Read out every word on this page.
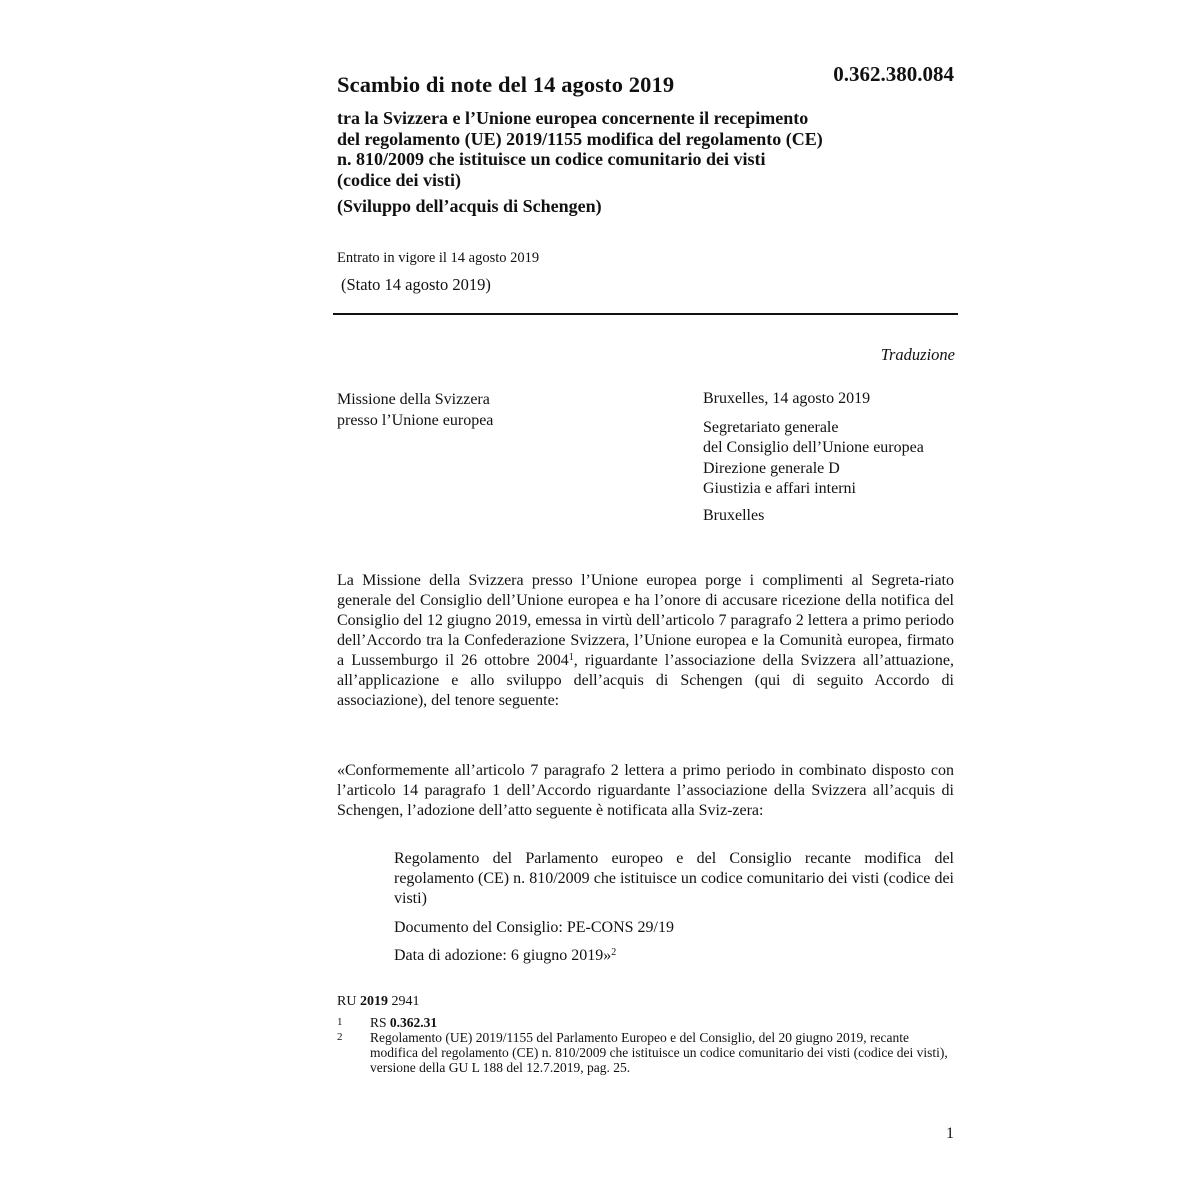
Scambio di note del 14 agosto 2019	0.362.380.084
tra la Svizzera e l’Unione europea concernente il recepimento
del regolamento (UE) 2019/1155 modifica del regolamento (CE)
n. 810/2009 che istituisce un codice comunitario dei visti
(codice dei visti)
(Sviluppo dell’acquis di Schengen)
Entrato in vigore il 14 agosto 2019
(Stato 14 agosto 2019)
Traduzione
Missione della Svizzera
presso l’Unione europea
Bruxelles, 14 agosto 2019
Segretariato generale
del Consiglio dell’Unione europea
Direzione generale D
Giustizia e affari interni
Bruxelles
La Missione della Svizzera presso l’Unione europea porge i complimenti al Segreta-riato generale del Consiglio dell’Unione europea e ha l’onore di accusare ricezione della notifica del Consiglio del 12 giugno 2019, emessa in virtù dell’articolo 7 paragrafo 2 lettera a primo periodo dell’Accordo tra la Confederazione Svizzera, l’Unione europea e la Comunità europea, firmato a Lussemburgo il 26 ottobre 2004$^1$, riguardante l’associazione della Svizzera all’attuazione, all’applicazione e allo sviluppo dell’acquis di Schengen (qui di seguito Accordo di associazione), del tenore seguente:
«Conformemente all’articolo 7 paragrafo 2 lettera a primo periodo in combinato disposto con l’articolo 14 paragrafo 1 dell’Accordo riguardante l’associazione della Svizzera all’acquis di Schengen, l’adozione dell’atto seguente è notificata alla Sviz-zera:
Regolamento del Parlamento europeo e del Consiglio recante modifica del regolamento (CE) n. 810/2009 che istituisce un codice comunitario dei visti (codice dei visti)
Documento del Consiglio: PE-CONS 29/19
Data di adozione: 6 giugno 2019»$^2$
RU 2019 2941
1 RS 0.362.31
2 Regolamento (UE) 2019/1155 del Parlamento Europeo e del Consiglio, del 20 giugno 2019, recante modifica del regolamento (CE) n. 810/2009 che istituisce un codice comunitario dei visti (codice dei visti), versione della GU L 188 del 12.7.2019, pag. 25.
1
